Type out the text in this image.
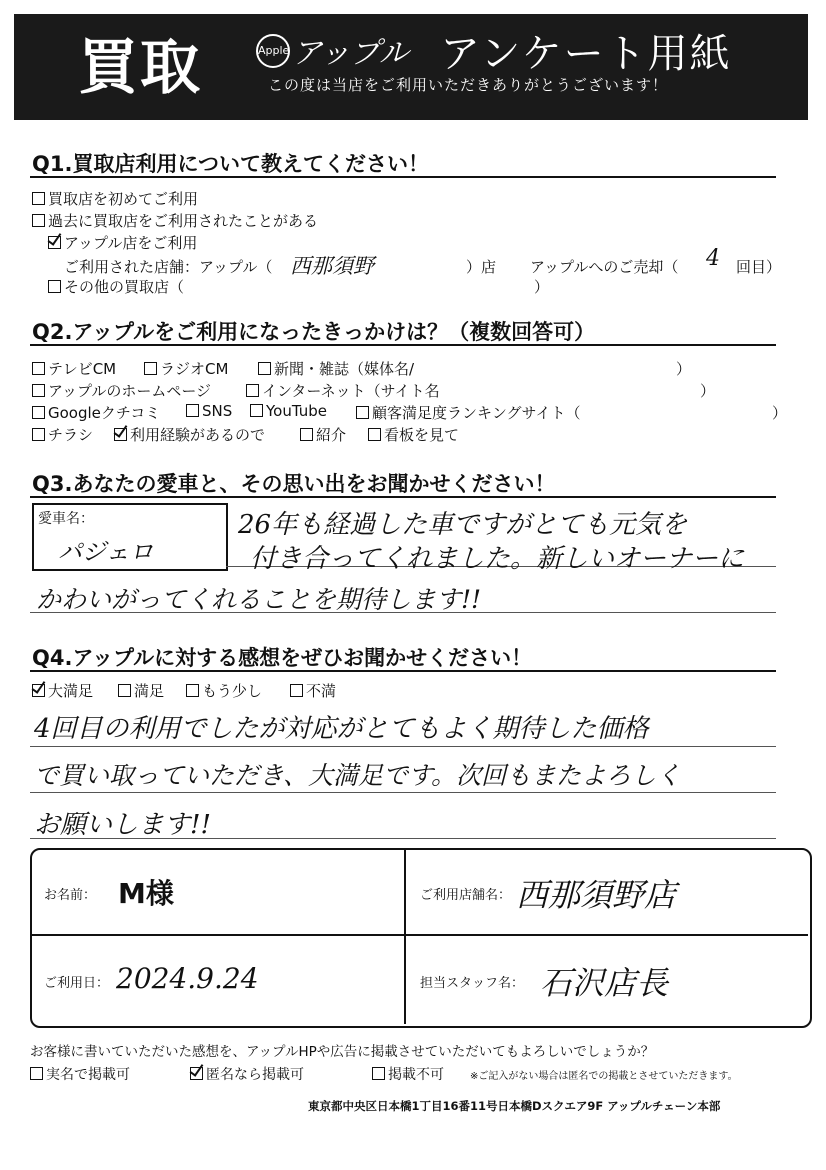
買取	Apple アップル アンケート用紙
この度は当店をご利用いただきありがとうございます！
Q1.買取店利用について教えてください！
買取店を初めてご利用
過去に買取店をご利用されたことがある
アップル店をご利用
ご利用された店舗：アップル（ 西那須野	）店 アップルへのご売却（ 4 回目）
その他の買取店（	）
Q2.アップルをご利用になったきっかけは？（複数回答可）
テレビCM	ラジオCM	新聞・雑誌（媒体名/	）
アップルのホームページ	インターネット（サイト名	）
Googleクチコミ	SNS	YouTube	顧客満足度ランキングサイト（	）
チラシ	利用経験があるので	紹介	看板を見て
Q3.あなたの愛車と、その思い出をお聞かせください！
愛車名：
パジェロ
26年も経過した車ですがとても元気を
付き合ってくれました。新しいオーナーに
かわいがってくれることを期待します!!
Q4.アップルに対する感想をぜひお聞かせください！
大満足	満足	もう少し	不満
4回目の利用でしたが対応がとてもよく期待した価格
で買い取っていただき、大満足です。次回もまたよろしく
お願いします!!
お名前： M様	ご利用店舗名： 西那須野店
ご利用日： 2024.9.24	担当スタッフ名： 石沢店長
お客様に書いていただいた感想を、アップルHPや広告に掲載させていただいてもよろしいでしょうか？
実名で掲載可	匿名なら掲載可	掲載不可	※ご記入がない場合は匿名での掲載とさせていただきます。
東京都中央区日本橋1丁目16番11号日本橋Dスクエア9F アップルチェーン本部
